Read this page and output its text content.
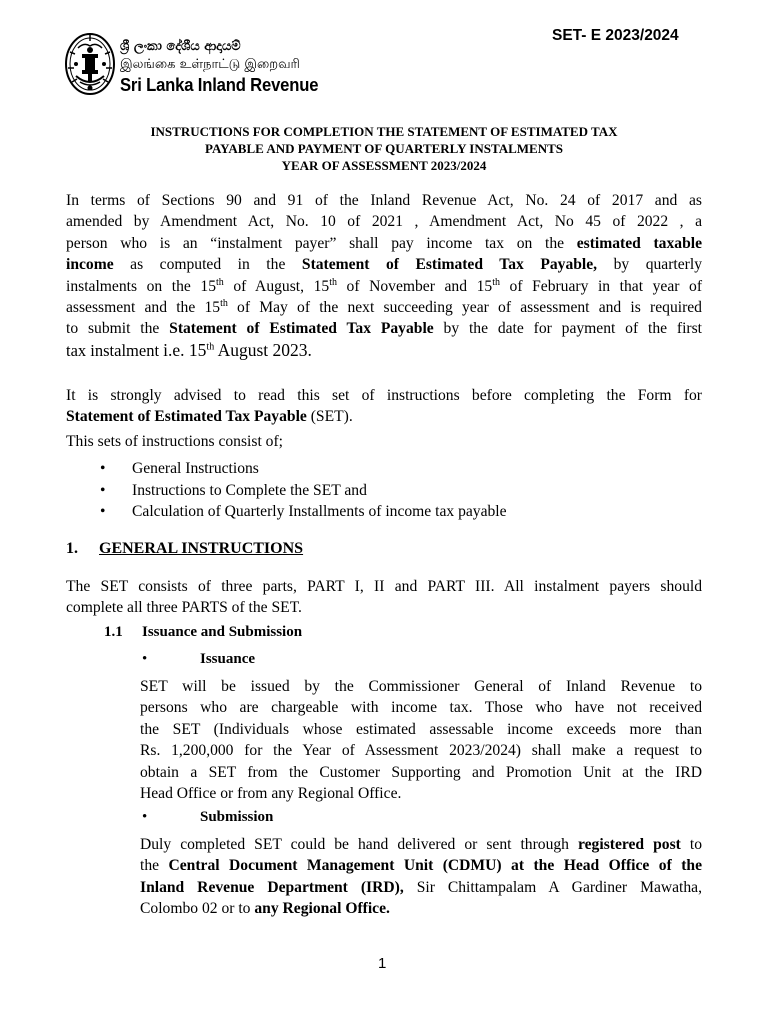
SET- E 2023/2024
ශ්‍රී ලංකා දේශීය ආදායම්
இலங்கை உள்நாட்டு இறைவரி
Sri Lanka Inland Revenue
INSTRUCTIONS FOR COMPLETION THE STATEMENT OF ESTIMATED TAX
PAYABLE AND PAYMENT OF QUARTERLY INSTALMENTS
YEAR OF ASSESSMENT 2023/2024
In terms of Sections 90 and 91 of the Inland Revenue Act, No. 24 of 2017 and as
amended by Amendment Act, No. 10 of 2021 , Amendment Act, No 45 of 2022 , a
person who is an “instalment payer” shall pay income tax on the estimated taxable
income as computed in the Statement of Estimated Tax Payable, by quarterly
instalments on the 15th of August, 15th of November and 15th of February in that year of
assessment and the 15th of May of the next succeeding year of assessment and is required
to submit the Statement of Estimated Tax Payable by the date for payment of the first
tax instalment i.e. 15th August 2023.
It is strongly advised to read this set of instructions before completing the Form for
Statement of Estimated Tax Payable (SET).
This sets of instructions consist of;
• General Instructions
• Instructions to Complete the SET and
• Calculation of Quarterly Installments of income tax payable
1. GENERAL INSTRUCTIONS
The SET consists of three parts, PART I, II and PART III. All instalment payers should
complete all three PARTS of the SET.
1.1 Issuance and Submission
•	Issuance
SET will be issued by the Commissioner General of Inland Revenue to
persons who are chargeable with income tax. Those who have not received
the SET (Individuals whose estimated assessable income exceeds more than
Rs. 1,200,000 for the Year of Assessment 2023/2024) shall make a request to
obtain a SET from the Customer Supporting and Promotion Unit at the IRD
Head Office or from any Regional Office.
•	Submission
Duly completed SET could be hand delivered or sent through registered post to
the Central Document Management Unit (CDMU) at the Head Office of the
Inland Revenue Department (IRD), Sir Chittampalam A Gardiner Mawatha,
Colombo 02 or to any Regional Office.
1
